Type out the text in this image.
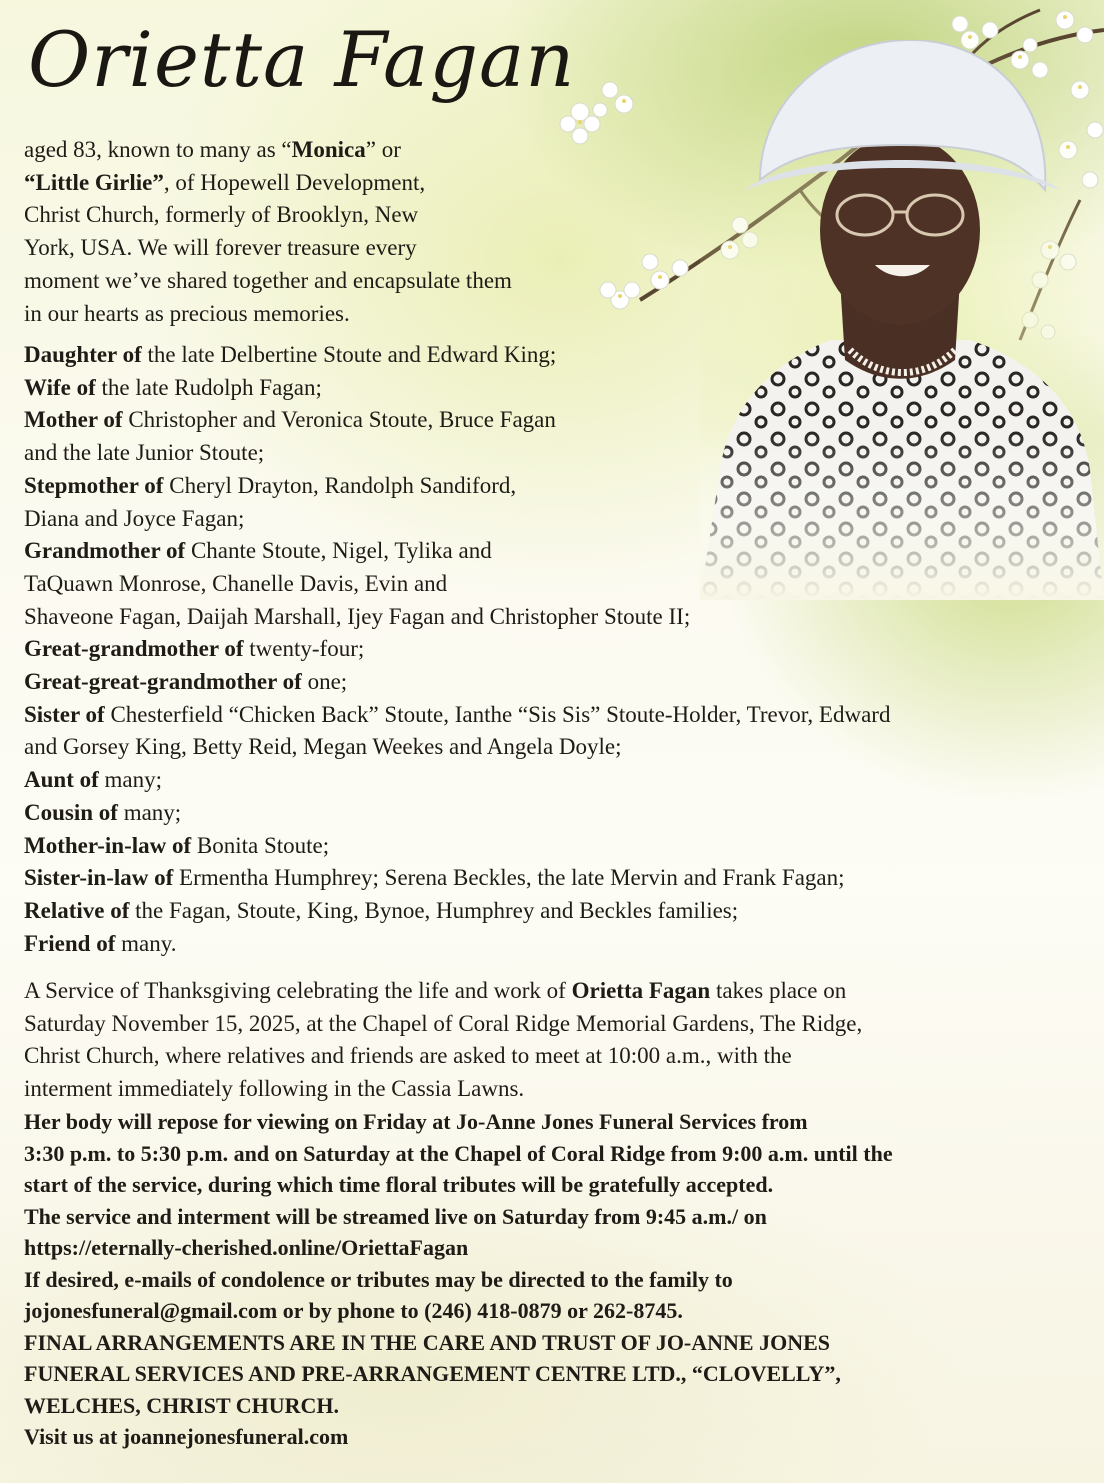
Orietta Fagan
aged 83, known to many as “Monica” or
“Little Girlie”, of Hopewell Development,
Christ Church, formerly of Brooklyn, New
York, USA. We will forever treasure every
moment we’ve shared together and encapsulate them
in our hearts as precious memories.
Daughter of the late Delbertine Stoute and Edward King;
Wife of the late Rudolph Fagan;
Mother of Christopher and Veronica Stoute, Bruce Fagan
and the late Junior Stoute;
Stepmother of Cheryl Drayton, Randolph Sandiford,
Diana and Joyce Fagan;
Grandmother of Chante Stoute, Nigel, Tylika and
TaQuawn Monrose, Chanelle Davis, Evin and
Shaveone Fagan, Daijah Marshall, Ijey Fagan and Christopher Stoute II;
Great-grandmother of twenty-four;
Great-great-grandmother of one;
Sister of Chesterfield “Chicken Back” Stoute, Ianthe “Sis Sis” Stoute-Holder, Trevor, Edward
and Gorsey King, Betty Reid, Megan Weekes and Angela Doyle;
Aunt of many;
Cousin of many;
Mother-in-law of Bonita Stoute;
Sister-in-law of Ermentha Humphrey; Serena Beckles, the late Mervin and Frank Fagan;
Relative of the Fagan, Stoute, King, Bynoe, Humphrey and Beckles families;
Friend of many.
A Service of Thanksgiving celebrating the life and work of Orietta Fagan takes place on
Saturday November 15, 2025, at the Chapel of Coral Ridge Memorial Gardens, The Ridge,
Christ Church, where relatives and friends are asked to meet at 10:00 a.m., with the
interment immediately following in the Cassia Lawns.
Her body will repose for viewing on Friday at Jo-Anne Jones Funeral Services from
3:30 p.m. to 5:30 p.m. and on Saturday at the Chapel of Coral Ridge from 9:00 a.m. until the
start of the service, during which time floral tributes will be gratefully accepted.
The service and interment will be streamed live on Saturday from 9:45 a.m./ on
https://eternally-cherished.online/OriettaFagan
If desired, e-mails of condolence or tributes may be directed to the family to
jojonesfuneral@gmail.com or by phone to (246) 418-0879 or 262-8745.
FINAL ARRANGEMENTS ARE IN THE CARE AND TRUST OF JO-ANNE JONES
FUNERAL SERVICES AND PRE-ARRANGEMENT CENTRE LTD., “CLOVELLY”,
WELCHES, CHRIST CHURCH.
Visit us at joannejonesfuneral.com
